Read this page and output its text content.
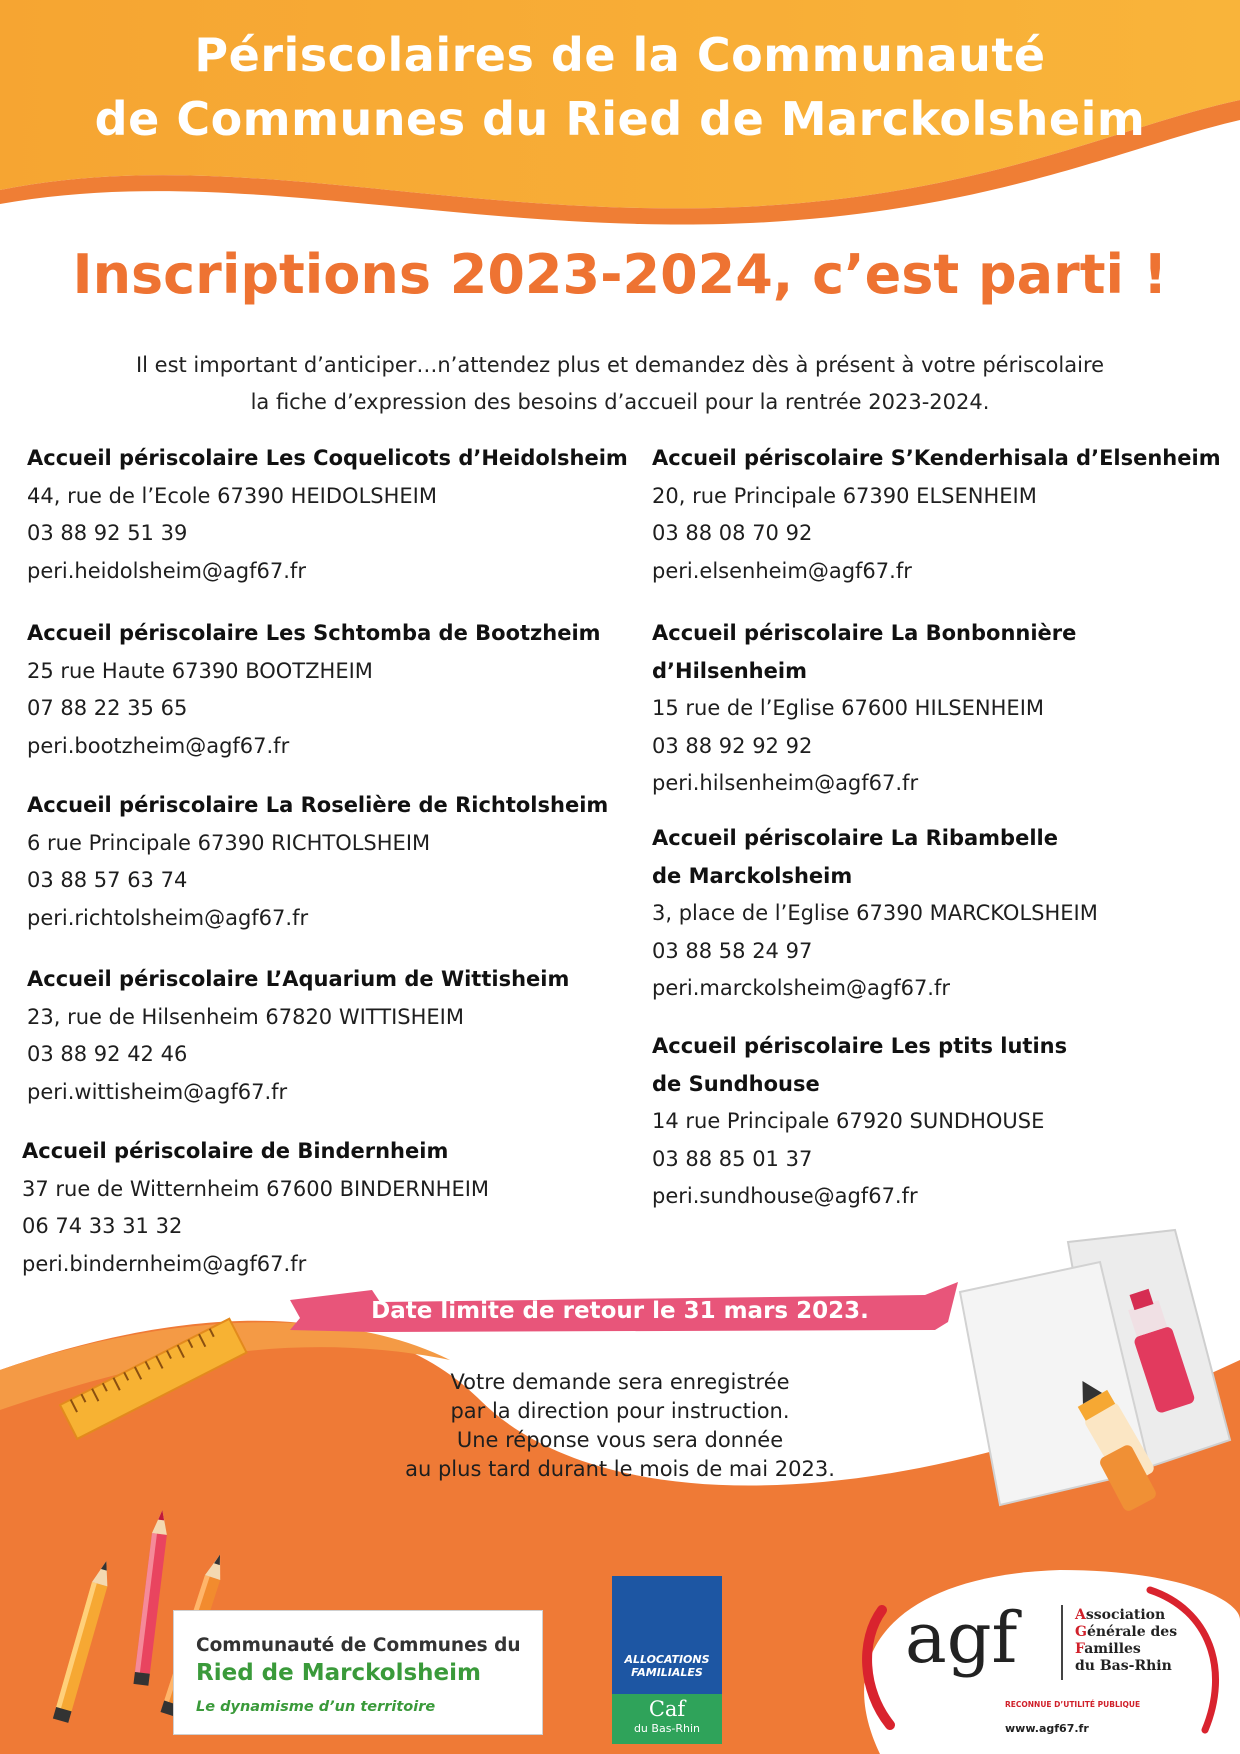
Périscolaires de la Communauté
de Communes du Ried de Marckolsheim
Inscriptions 2023-2024, c’est parti !
Il est important d’anticiper…n’attendez plus et demandez dès à présent à votre périscolaire
la fiche d’expression des besoins d’accueil pour la rentrée 2023-2024.
Accueil périscolaire Les Coquelicots d’Heidolsheim
44, rue de l’Ecole 67390 HEIDOLSHEIM
03 88 92 51 39
peri.heidolsheim@agf67.fr
Accueil périscolaire Les Schtomba de Bootzheim
25 rue Haute 67390 BOOTZHEIM
07 88 22 35 65
peri.bootzheim@agf67.fr
Accueil périscolaire La Roselière de Richtolsheim
6 rue Principale 67390 RICHTOLSHEIM
03 88 57 63 74
peri.richtolsheim@agf67.fr
Accueil périscolaire L’Aquarium de Wittisheim
23, rue de Hilsenheim 67820 WITTISHEIM
03 88 92 42 46
peri.wittisheim@agf67.fr
Accueil périscolaire de Bindernheim
37 rue de Witternheim 67600 BINDERNHEIM
06 74 33 31 32
peri.bindernheim@agf67.fr
Accueil périscolaire S’Kenderhisala d’Elsenheim
20, rue Principale 67390 ELSENHEIM
03 88 08 70 92
peri.elsenheim@agf67.fr
Accueil périscolaire La Bonbonnière
d’Hilsenheim
15 rue de l’Eglise 67600 HILSENHEIM
03 88 92 92 92
peri.hilsenheim@agf67.fr
Accueil périscolaire La Ribambelle
de Marckolsheim
3, place de l’Eglise 67390 MARCKOLSHEIM
03 88 58 24 97
peri.marckolsheim@agf67.fr
Accueil périscolaire Les ptits lutins
de Sundhouse
14 rue Principale 67920 SUNDHOUSE
03 88 85 01 37
peri.sundhouse@agf67.fr
Date limite de retour le 31 mars 2023.
Votre demande sera enregistrée
par la direction pour instruction.
Une réponse vous sera donnée
au plus tard durant le mois de mai 2023.
Communauté de Communes du
Ried de Marckolsheim
Le dynamisme d’un territoire
ALLOCATIONS
FAMILIALES
Caf
du Bas-Rhin
agf	Association
Générale des
Familles
du Bas-Rhin
RECONNUE D’UTILITÉ PUBLIQUE
www.agf67.fr
